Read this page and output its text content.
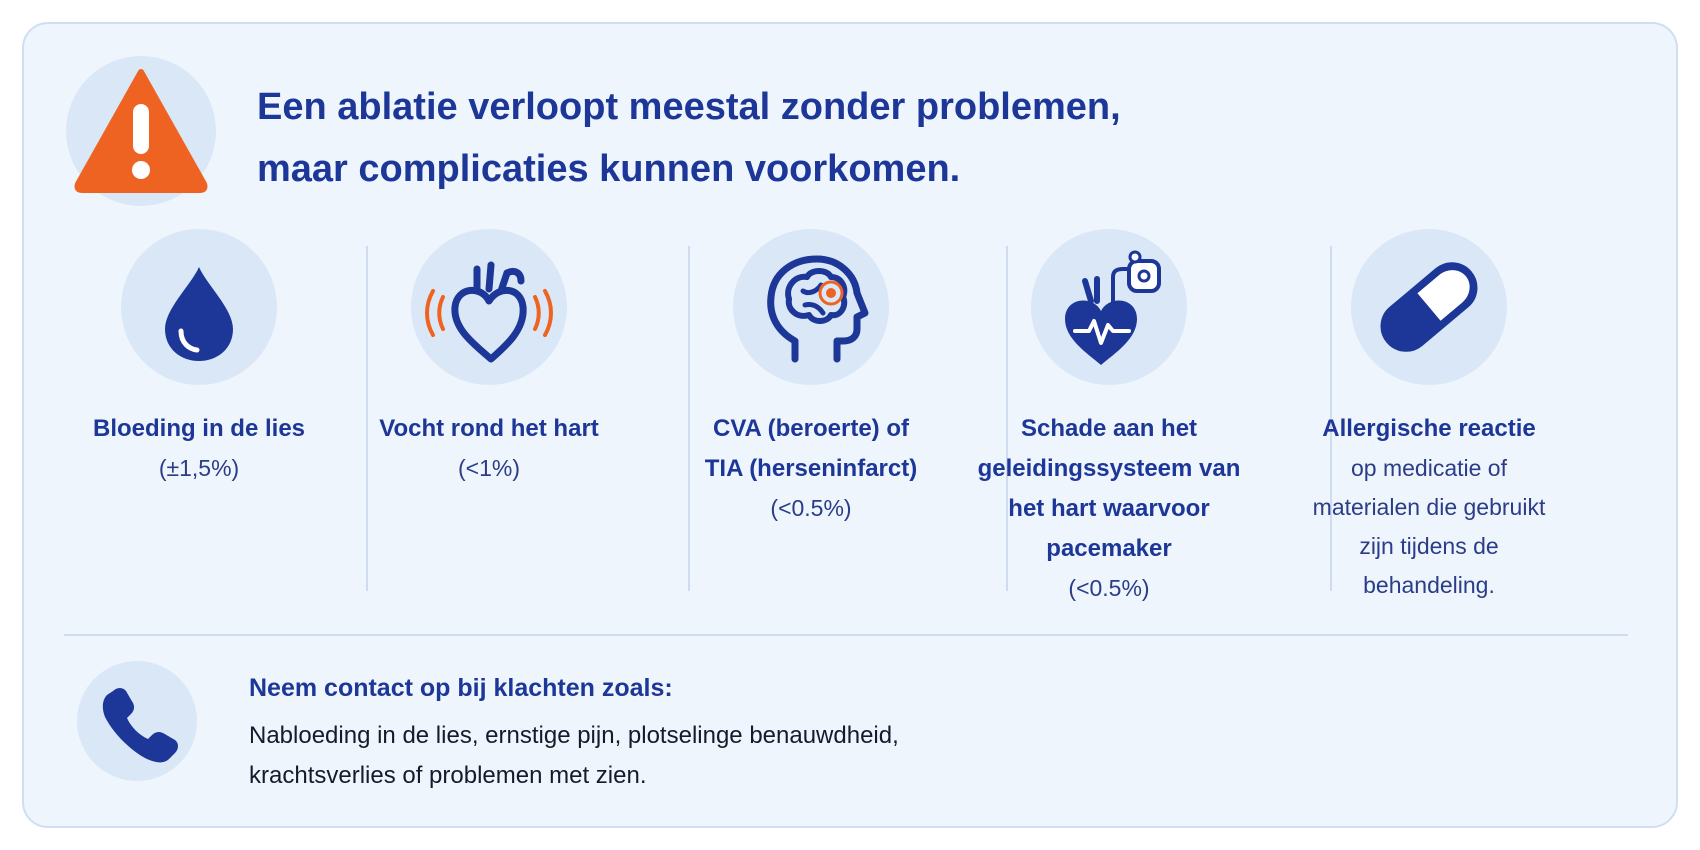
Een ablatie verloopt meestal zonder problemen,
maar complicaties kunnen voorkomen.
Bloeding in de lies
(±1,5%)
Vocht rond het hart
(<1%)
CVA (beroerte) of
TIA (herseninfarct)
(<0.5%)
Schade aan het
geleidingssysteem van
het hart waarvoor
pacemaker
(<0.5%)
Allergische reactie
op medicatie of
materialen die gebruikt
zijn tijdens de
behandeling.
Neem contact op bij klachten zoals:
Nabloeding in de lies, ernstige pijn, plotselinge benauwdheid,
krachtsverlies of problemen met zien.
